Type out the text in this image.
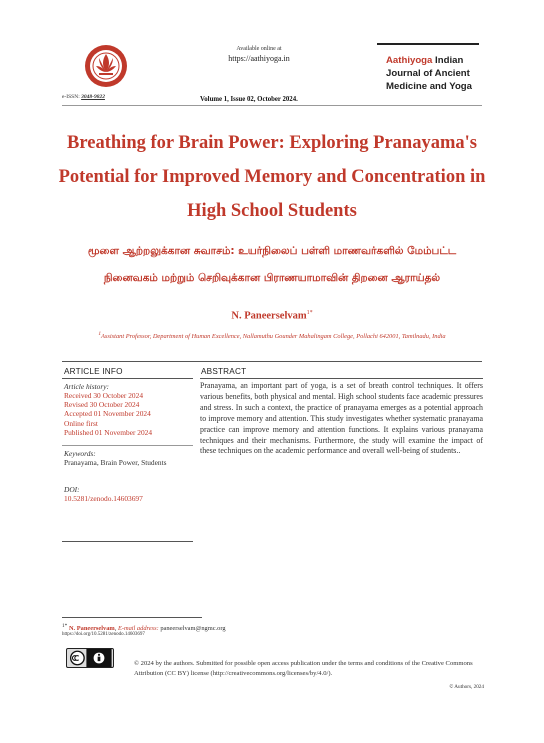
e-ISSN: 3048-9822
Available online at
https://aathiyoga.in
Volume 1, Issue 02, October 2024.
Aathiyoga Indian
Journal of Ancient
Medicine and Yoga
Breathing for Brain Power: Exploring Pranayama's Potential for Improved Memory and Concentration in High School Students
மூளை ஆற்றலுக்கான சுவாசம்: உயர்நிலைப் பள்ளி மாணவர்களில் மேம்பட்ட நினைவகம் மற்றும் செறிவுக்கான பிராணயாமாவின் திறனை ஆராய்தல்
N. Paneerselvam$^{1*}$
$^1$Assistant Professor, Department of Human Excellence, Nallamuthu Gounder Mahalingam College, Pollachi 642001, Tamilnadu, India
ARTICLE INFO	ABSTRACT
Article history:
Received 30 October 2024
Revised 30 October 2024
Accepted 01 November 2024
Online first
Published 01 November 2024
Keywords:
Pranayama, Brain Power, Students
DOI:
10.5281/zenodo.14603697
Pranayama, an important part of yoga, is a set of breath control techniques. It offers various benefits, both physical and mental. High school students face academic pressures and stress. In such a context, the practice of pranayama emerges as a potential approach to improve memory and attention. This study investigates whether systematic pranayama practice can improve memory and attention functions. It explains various pranayama techniques and their mechanisms. Furthermore, the study will examine the impact of these techniques on the academic performance and overall well-being of students..
$^{1*}$ N. Paneerselvam, E-mail address: paneerselvam@ngmc.org
https://doi.org/10.5281/zenodo.14603697
© 2024 by the authors. Submitted for possible open access publication under the terms and conditions of the Creative Commons Attribution (CC BY) license (http://creativecommons.org/licenses/by/4.0/).
© Authors, 2024
